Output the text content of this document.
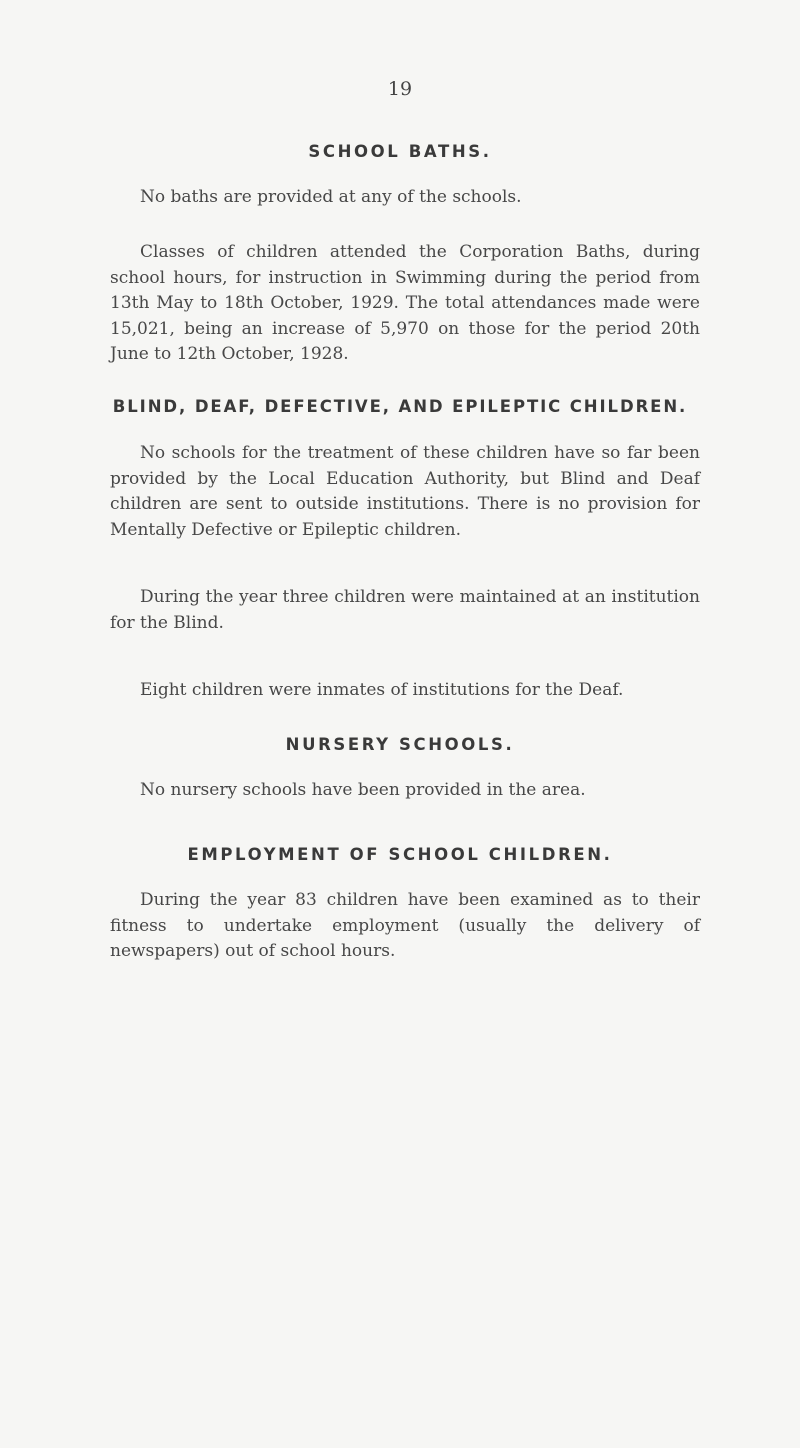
19
SCHOOL BATHS.

No baths are provided at any of the schools.

Classes of children attended the Corporation Baths, during school hours, for instruction in Swimming during the period from 13th May to 18th October, 1929. The total attendances made were 15,021, being an increase of 5,970 on those for the period 20th June to 12th October, 1928.

BLIND, DEAF, DEFECTIVE, AND EPILEPTIC CHILDREN.

No schools for the treatment of these children have so far been provided by the Local Education Authority, but Blind and Deaf children are sent to outside institutions. There is no provision for Mentally Defective or Epileptic children.

During the year three children were maintained at an institution for the Blind.

Eight children were inmates of institutions for the Deaf.

NURSERY SCHOOLS.

No nursery schools have been provided in the area.

EMPLOYMENT OF SCHOOL CHILDREN.

During the year 83 children have been examined as to their fitness to undertake employment (usually the delivery of newspapers) out of school hours.
